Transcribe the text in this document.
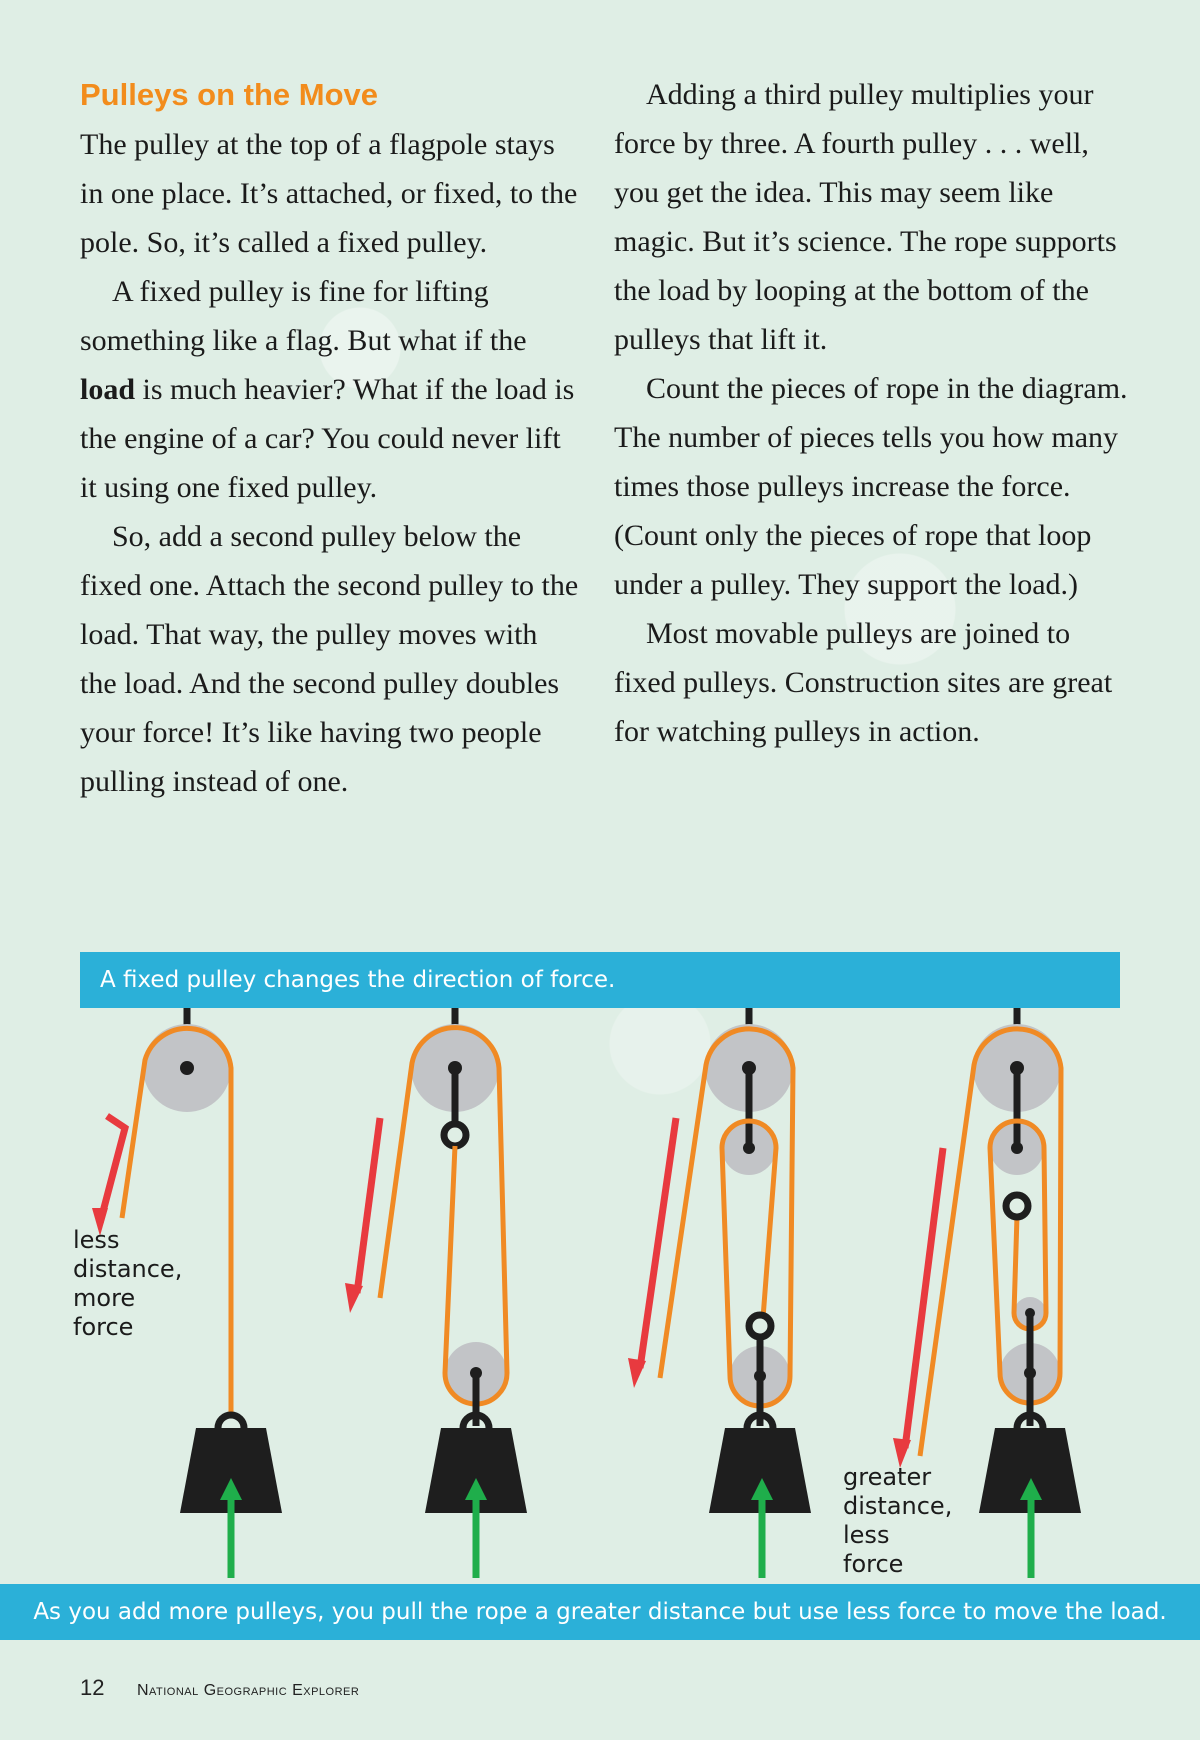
Pulleys on the Move

The pulley at the top of a flagpole stays in one place. It’s attached, or fixed, to the pole. So, it’s called a fixed pulley.

A fixed pulley is fine for lifting something like a flag. But what if the load is much heavier? What if the load is the engine of a car? You could never lift it using one fixed pulley.

So, add a second pulley below the fixed one. Attach the second pulley to the load. That way, the pulley moves with the load. And the second pulley doubles your force! It’s like having two people pulling instead of one.

Adding a third pulley multiplies your force by three. A fourth pulley . . . well, you get the idea. This may seem like magic. But it’s science. The rope supports the load by looping at the bottom of the pulleys that lift it.

Count the pieces of rope in the diagram. The number of pieces tells you how many times those pulleys increase the force. (Count only the pieces of rope that loop under a pulley. They support the load.)

Most movable pulleys are joined to fixed pulleys. Construction sites are great for watching pulleys in action.

A fixed pulley changes the direction of force.
less
distance,
more
force
greater
distance,
less
force
As you add more pulleys, you pull the rope a greater distance but use less force to move the load.
12 National Geographic Explorer
